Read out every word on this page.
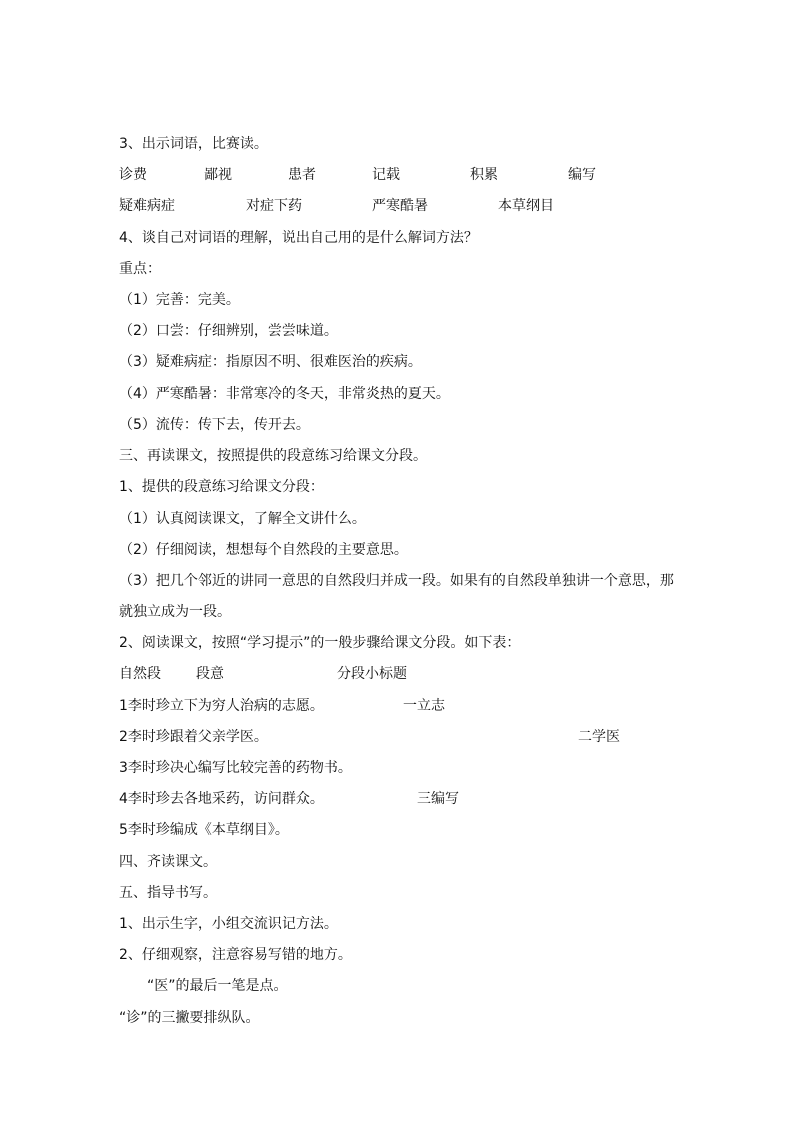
3、出示词语，比赛读。
诊费	鄙视	患者	记载	积累	编写
疑难病症	对症下药	严寒酷暑	本草纲目
4、谈自己对词语的理解，说出自己用的是什么解词方法？
重点：
（1）完善：完美。
（2）口尝：仔细辨别，尝尝味道。
（3）疑难病症：指原因不明、很难医治的疾病。
（4）严寒酷暑：非常寒冷的冬天，非常炎热的夏天。
（5）流传：传下去，传开去。
三、再读课文，按照提供的段意练习给课文分段。
1、提供的段意练习给课文分段：
（1）认真阅读课文，了解全文讲什么。
（2）仔细阅读，想想每个自然段的主要意思。
（3）把几个邻近的讲同一意思的自然段归并成一段。如果有的自然段单独讲一个意思，那
就独立成为一段。
2、阅读课文，按照“学习提示”的一般步骤给课文分段。如下表：
自然段	段意	分段小标题
1李时珍立下为穷人治病的志愿。	一立志
2李时珍跟着父亲学医。	二学医
3李时珍决心编写比较完善的药物书。
4李时珍去各地采药，访问群众。	三编写
5李时珍编成《本草纲目》。
四、齐读课文。
五、指导书写。
1、出示生字，小组交流识记方法。
2、仔细观察，注意容易写错的地方。
“医”的最后一笔是点。
“诊”的三撇要排纵队。
